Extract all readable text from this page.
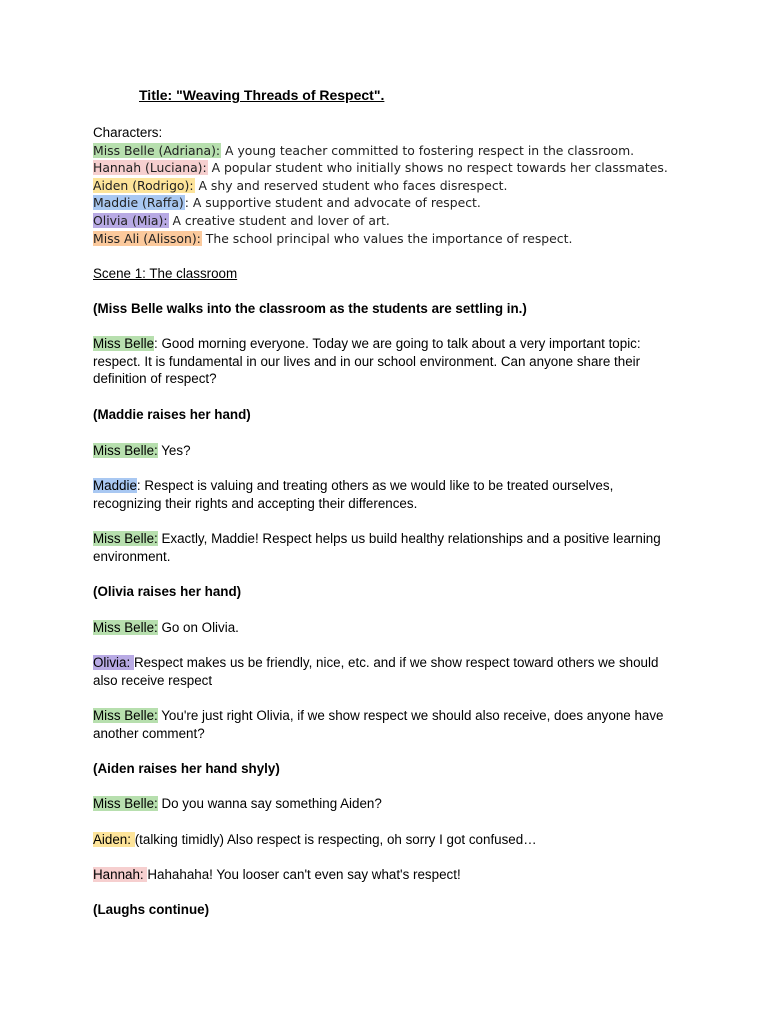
Title: "Weaving Threads of Respect".
Characters:
Miss Belle (Adriana): A young teacher committed to fostering respect in the classroom.
Hannah (Luciana): A popular student who initially shows no respect towards her classmates.
Aiden (Rodrigo): A shy and reserved student who faces disrespect.
Maddie (Raffa): A supportive student and advocate of respect.
Olivia (Mia): A creative student and lover of art.
Miss Ali (Alisson): The school principal who values the importance of respect.
Scene 1: The classroom
(Miss Belle walks into the classroom as the students are settling in.)
Miss Belle: Good morning everyone. Today we are going to talk about a very important topic: respect. It is fundamental in our lives and in our school environment. Can anyone share their definition of respect?
(Maddie raises her hand)
Miss Belle: Yes?
Maddie: Respect is valuing and treating others as we would like to be treated ourselves, recognizing their rights and accepting their differences.
Miss Belle: Exactly, Maddie! Respect helps us build healthy relationships and a positive learning environment.
(Olivia raises her hand)
Miss Belle: Go on Olivia.
Olivia: Respect makes us be friendly, nice, etc. and if we show respect toward others we should also receive respect
Miss Belle: You're just right Olivia, if we show respect we should also receive, does anyone have another comment?
(Aiden raises her hand shyly)
Miss Belle: Do you wanna say something Aiden?
Aiden: (talking timidly) Also respect is respecting, oh sorry I got confused…
Hannah: Hahahaha! You looser can't even say what's respect!
(Laughs continue)
